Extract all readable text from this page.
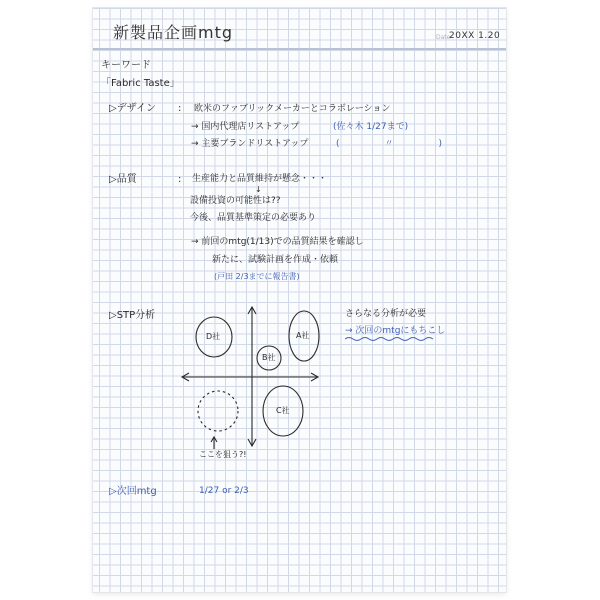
新製品企画mtg	Date
20XX 1.20
キーワード
「Fabric Taste」
▷デザイン : 欧米のファブリックメーカーとコラボレーション
→ 国内代理店リストアップ	(佐々木 1/27まで)
→ 主要ブランドリストアップ	(　　　　　〃　　　　　)
▷品質	: 生産能力と品質維持が懸念・・・
↓
設備投資の可能性は??
今後、品質基準策定の必要あり
→ 前回のmtg(1/13)での品質結果を確認し
新たに、試験計画を作成・依頼
(戸田 2/3までに報告書)
▷STP分析	さらなる分析が必要
→ 次回のmtgにもちこし
D社	A社
B社
C社
ここを狙う?!
▷次回mtg	1/27 or 2/3
